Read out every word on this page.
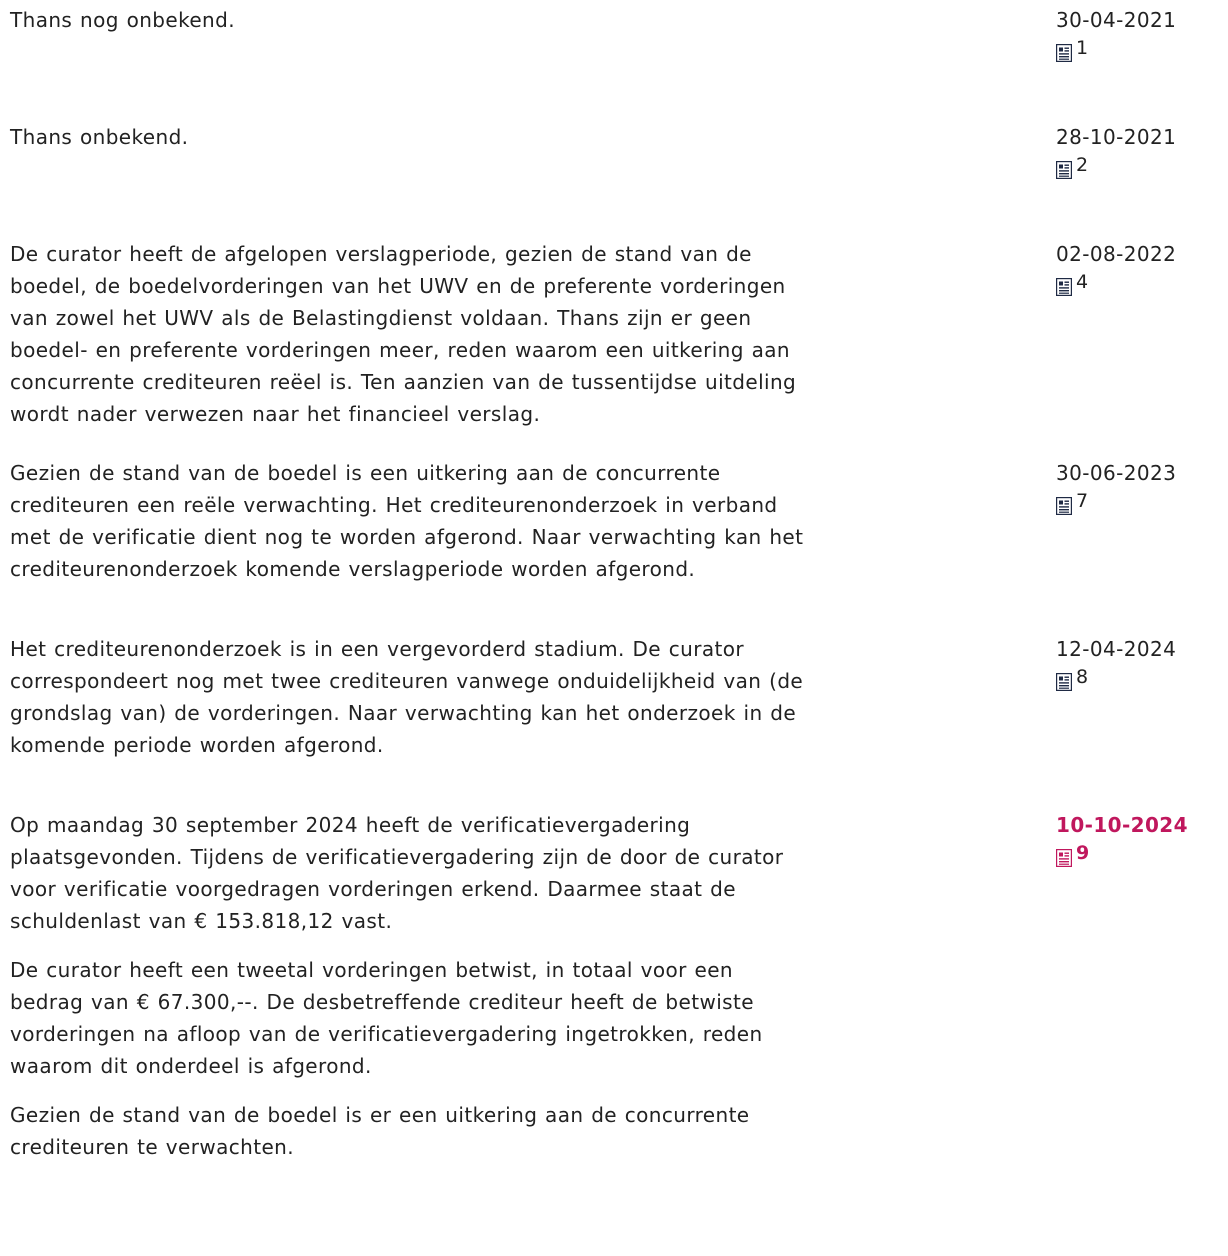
Thans nog onbekend.	30-04-2021
1

Thans onbekend.	28-10-2021
2

De curator heeft de afgelopen verslagperiode, gezien de stand van de boedel, de boedelvorderingen van het UWV en de preferente vorderingen van zowel het UWV als de Belastingdienst voldaan. Thans zijn er geen boedel- en preferente vorderingen meer, reden waarom een uitkering aan concurrente crediteuren reëel is. Ten aanzien van de tussentijdse uitdeling wordt nader verwezen naar het financieel verslag.

02-08-2022
4

Gezien de stand van de boedel is een uitkering aan de concurrente crediteuren een reële verwachting. Het crediteurenonderzoek in verband met de verificatie dient nog te worden afgerond. Naar verwachting kan het crediteurenonderzoek komende verslagperiode worden afgerond.

30-06-2023
7

Het crediteurenonderzoek is in een vergevorderd stadium. De curator correspondeert nog met twee crediteuren vanwege onduidelijkheid van (de grondslag van) de vorderingen. Naar verwachting kan het onderzoek in de komende periode worden afgerond.

12-04-2024
8

Op maandag 30 september 2024 heeft de verificatievergadering plaatsgevonden. Tijdens de verificatievergadering zijn de door de curator voor verificatie voorgedragen vorderingen erkend. Daarmee staat de schuldenlast van € 153.818,12 vast.

De curator heeft een tweetal vorderingen betwist, in totaal voor een bedrag van € 67.300,--. De desbetreffende crediteur heeft de betwiste vorderingen na afloop van de verificatievergadering ingetrokken, reden waarom dit onderdeel is afgerond.

Gezien de stand van de boedel is er een uitkering aan de concurrente crediteuren te verwachten.

10-10-2024
9
